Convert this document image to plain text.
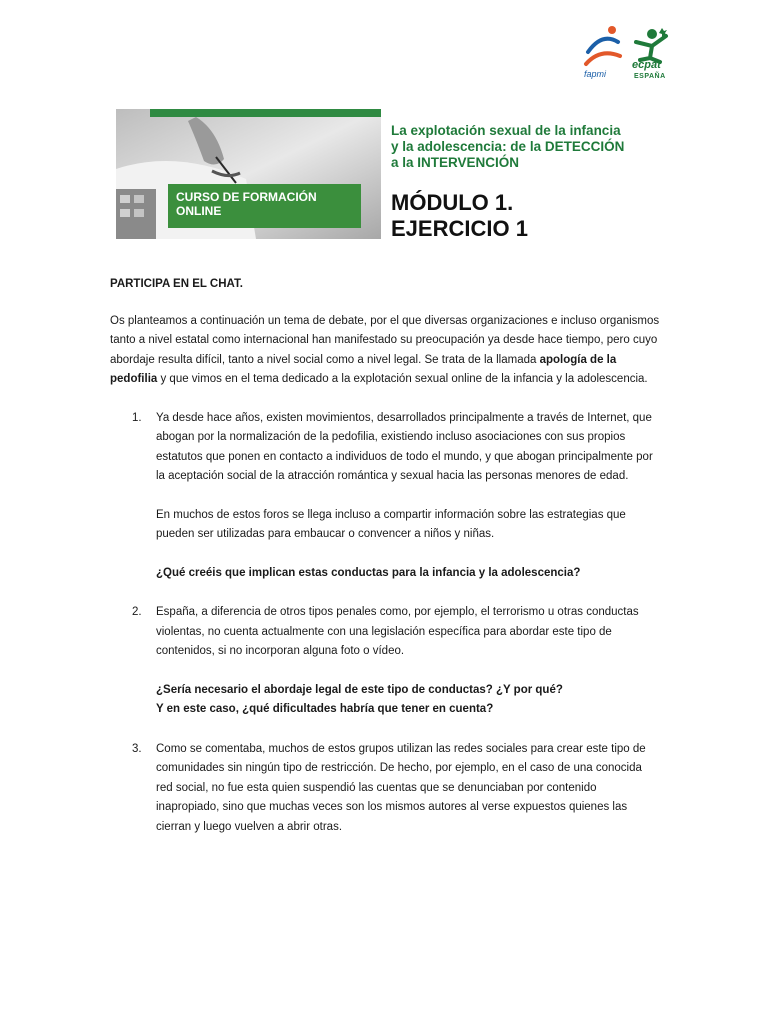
fapmi
ecpat
ESPAÑA
CURSO DE FORMACIÓN
ONLINE
La explotación sexual de la infancia
y la adolescencia: de la DETECCIÓN
a la INTERVENCIÓN
MÓDULO 1.
EJERCICIO 1

PARTICIPA EN EL CHAT.

Os planteamos a continuación un tema de debate, por el que diversas organizaciones e incluso organismos tanto a nivel estatal como internacional han manifestado su preocupación ya desde hace tiempo, pero cuyo abordaje resulta difícil, tanto a nivel social como a nivel legal. Se trata de la llamada apología de la pedofilia y que vimos en el tema dedicado a la explotación sexual online de la infancia y la adolescencia.

1. Ya desde hace años, existen movimientos, desarrollados principalmente a través de Internet, que abogan por la normalización de la pedofilia, existiendo incluso asociaciones con sus propios estatutos que ponen en contacto a individuos de todo el mundo, y que abogan principalmente por la aceptación social de la atracción romántica y sexual hacia las personas menores de edad.

En muchos de estos foros se llega incluso a compartir información sobre las estrategias que pueden ser utilizadas para embaucar o convencer a niños y niñas.

¿Qué creéis que implican estas conductas para la infancia y la adolescencia?

2. España, a diferencia de otros tipos penales como, por ejemplo, el terrorismo u otras conductas violentas, no cuenta actualmente con una legislación específica para abordar este tipo de contenidos, si no incorporan alguna foto o vídeo.

¿Sería necesario el abordaje legal de este tipo de conductas? ¿Y por qué?
Y en este caso, ¿qué dificultades habría que tener en cuenta?

3. Como se comentaba, muchos de estos grupos utilizan las redes sociales para crear este tipo de comunidades sin ningún tipo de restricción. De hecho, por ejemplo, en el caso de una conocida red social, no fue esta quien suspendió las cuentas que se denunciaban por contenido inapropiado, sino que muchas veces son los mismos autores al verse expuestos quienes las cierran y luego vuelven a abrir otras.
